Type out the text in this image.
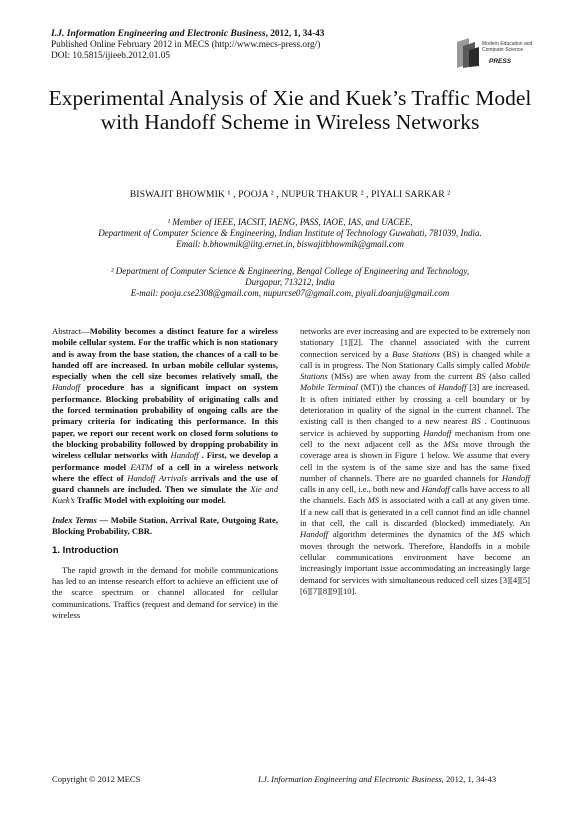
I.J. Information Engineering and Electronic Business, 2012, 1, 34-43
Published Online February 2012 in MECS (http://www.mecs-press.org/)
DOI: 10.5815/ijieeb.2012.01.05
Modern Education and Computer Science
PRESS
Experimental Analysis of Xie and Kuek’s Traffic Model with Handoff Scheme in Wireless Networks
BISWAJIT BHOWMIK ¹ , POOJA ² , NUPUR THAKUR ² , PIYALI SARKAR ²
¹ Member of IEEE, IACSIT, IAENG, PASS, IAOE, IAS, and UACEE,
Department of Computer Science & Engineering, Indian Institute of Technology Guwahati, 781039, India.
Email: b.bhowmik@iitg.ernet.in, biswajitbhowmik@gmail.com
² Department of Computer Science & Engineering, Bengal College of Engineering and Technology,
Durgapur, 713212, India
E-mail: pooja.cse2308@gmail.com, nupurcse07@gmail.com, piyali.doanju@gmail.com
Abstract—Mobility becomes a distinct feature for a wireless mobile cellular system. For the traffic which is non stationary and is away from the base station, the chances of a call to be handed off are increased. In urban mobile cellular systems, especially when the cell size becomes relatively small, the Handoff procedure has a significant impact on system performance. Blocking probability of originating calls and the forced termination probability of ongoing calls are the primary criteria for indicating this performance. In this paper, we report our recent work on closed form solutions to the blocking probability followed by dropping probability in wireless cellular networks with Handoff . First, we develop a performance model EATM of a cell in a wireless network where the effect of Handoff Arrivals arrivals and the use of guard channels are included. Then we simulate the Xie and Kuek’s Traffic Model with exploiting our model.
Index Terms — Mobile Station, Arrival Rate, Outgoing Rate, Blocking Probability, CBR.
1. Introduction
The rapid growth in the demand for mobile communications has led to an intense research effort to achieve an efficient use of the scarce spectrum or channel allocated for cellular communications. Traffics (request and demand for service) in the wireless
networks are ever increasing and are expected to be extremely non stationary [1][2]. The channel associated with the current connection serviced by a Base Stations (BS) is changed while a call is in progress. The Non Stationary Calls simply called Mobile Stations (MSs) are when away from the current BS (also called Mobile Terminal (MT)) the chances of Handoff [3] are increased. It is often initiated either by crossing a cell boundary or by deterioration in quality of the signal in the current channel. The existing call is then changed to a new nearest BS . Continuous service is achieved by supporting Handoff mechanism from one cell to the next adjacent cell as the MSs move through the coverage area is shown in Figure 1 below. We assume that every cell in the system is of the same size and has the same fixed number of channels. There are no guarded channels for Handoff calls in any cell, i.e., both new and Handoff calls have access to all the channels. Each MS is associated with a call at any given time. If a new call that is generated in a cell cannot find an idle channel in that cell, the call is discarded (blocked) immediately. An Handoff algorithm determines the dynamics of the MS which moves through the network. Therefore, Handoffs in a mobile cellular communications environment have become an increasingly important issue accommodating an increasingly large demand for services with simultaneous reduced cell sizes [3][4][5][6][7][8][9][10].
Copyright © 2012 MECS	I.J. Information Engineering and Electronic Business, 2012, 1, 34-43
